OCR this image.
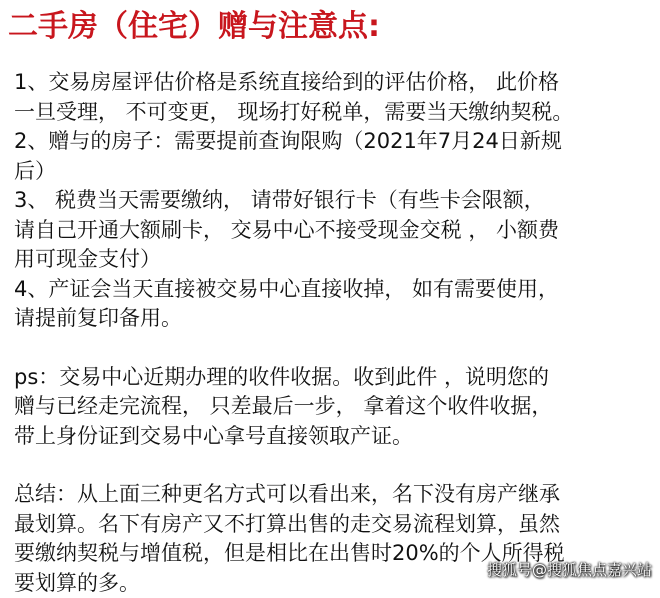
二手房（住宅）赠与注意点:
1、交易房屋评估价格是系统直接给到的评估价格， 此价格
一旦受理， 不可变更， 现场打好税单，需要当天缴纳契税。
2、赠与的房子：需要提前查询限购（2021年7月24日新规
后）
3、 税费当天需要缴纳， 请带好银行卡（有些卡会限额，
请自己开通大额刷卡， 交易中心不接受现金交税 ， 小额费
用可现金支付）
4、产证会当天直接被交易中心直接收掉， 如有需要使用，
请提前复印备用。
ps：交易中心近期办理的收件收据。收到此件 ，说明您的
赠与已经走完流程， 只差最后一步， 拿着这个收件收据，
带上身份证到交易中心拿号直接领取产证。
总结：从上面三种更名方式可以看出来，名下没有房产继承
最划算。名下有房产又不打算出售的走交易流程划算，虽然
要缴纳契税与增值税，但是相比在出售时20%的个人所得税
要划算的多。
搜狐号@搜狐焦点嘉兴站
